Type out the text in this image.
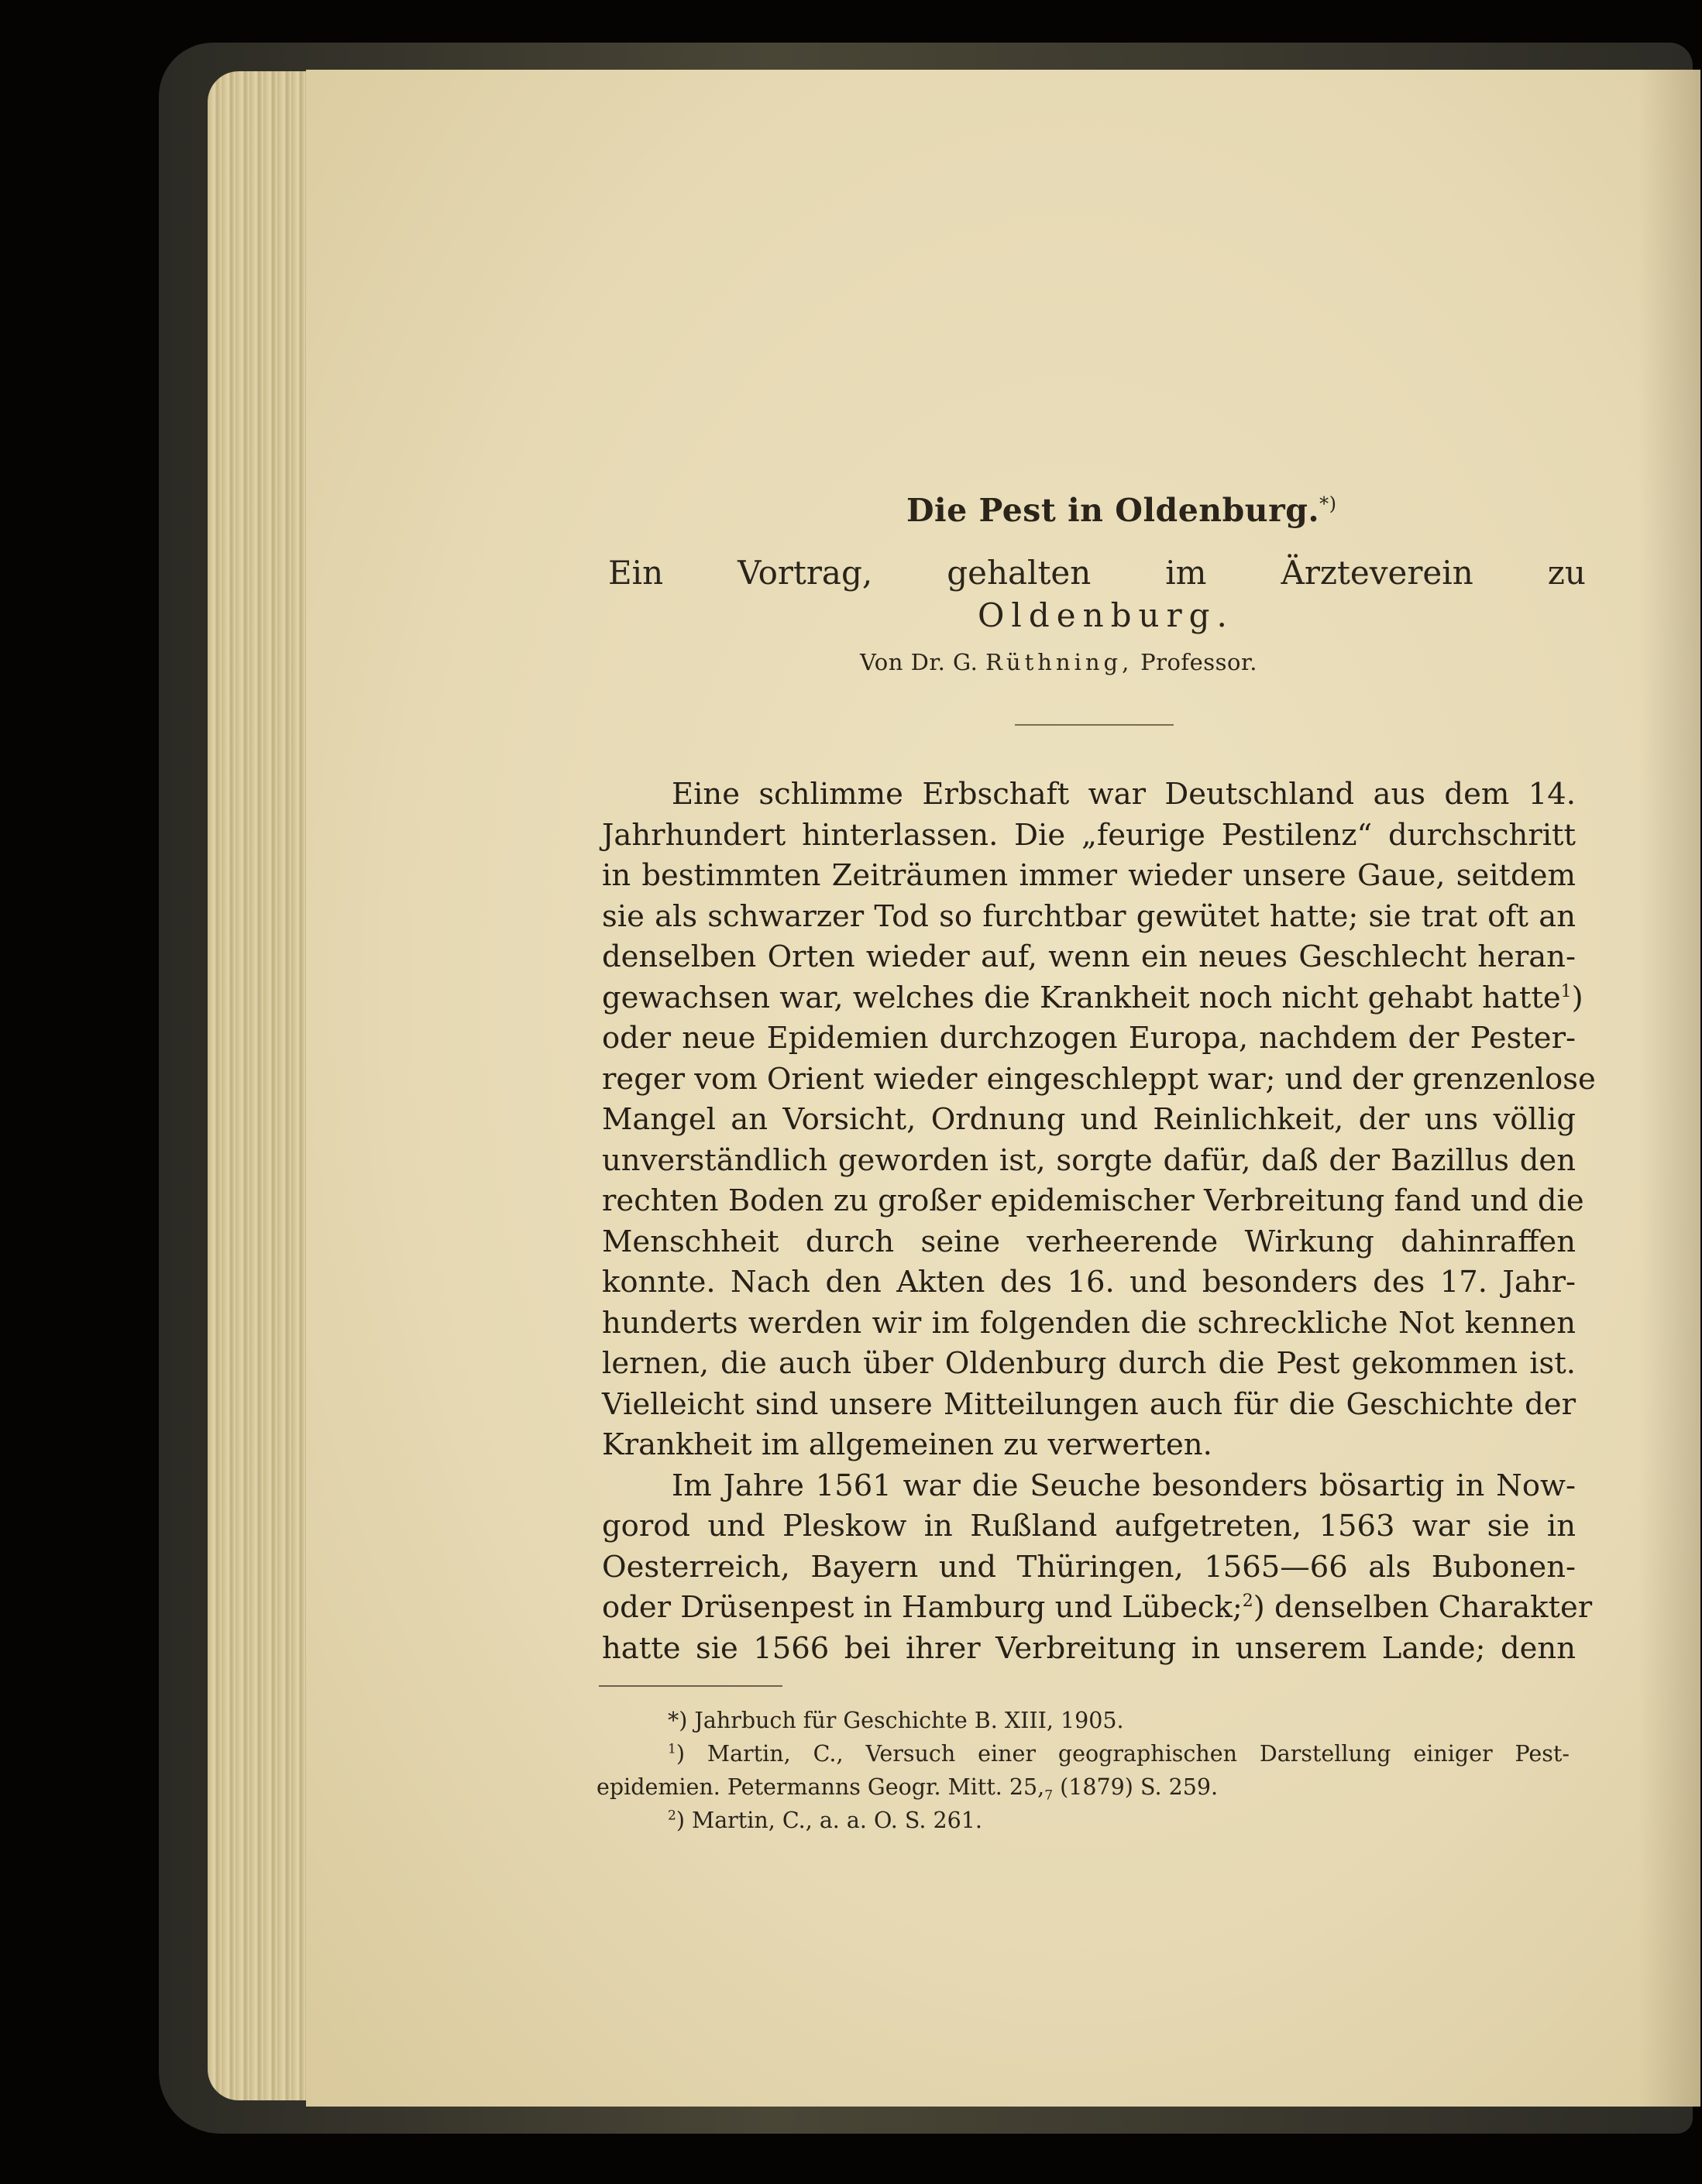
Die Pest in Oldenburg.*)
Ein Vortrag, gehalten im Ärzteverein zu
Oldenburg.
Von Dr. G. Rüthning, Professor.
Eine schlimme Erbschaft war Deutschland aus dem 14.
Jahrhundert hinterlassen. Die „feurige Pestilenz“ durchschritt
in bestimmten Zeiträumen immer wieder unsere Gaue, seitdem
sie als schwarzer Tod so furchtbar gewütet hatte; sie trat oft an
denselben Orten wieder auf, wenn ein neues Geschlecht heran-
gewachsen war, welches die Krankheit noch nicht gehabt hatte$^1$)
oder neue Epidemien durchzogen Europa, nachdem der Pester-
reger vom Orient wieder eingeschleppt war; und der grenzenlose
Mangel an Vorsicht, Ordnung und Reinlichkeit, der uns völlig
unverständlich geworden ist, sorgte dafür, daß der Bazillus den
rechten Boden zu großer epidemischer Verbreitung fand und die
Menschheit durch seine verheerende Wirkung dahinraffen
konnte. Nach den Akten des 16. und besonders des 17. Jahr-
hunderts werden wir im folgenden die schreckliche Not kennen
lernen, die auch über Oldenburg durch die Pest gekommen ist.
Vielleicht sind unsere Mitteilungen auch für die Geschichte der
Krankheit im allgemeinen zu verwerten.
Im Jahre 1561 war die Seuche besonders bösartig in Now-
gorod und Pleskow in Rußland aufgetreten, 1563 war sie in
Oesterreich, Bayern und Thüringen, 1565—66 als Bubonen-
oder Drüsenpest in Hamburg und Lübeck;$^2$) denselben Charakter
hatte sie 1566 bei ihrer Verbreitung in unserem Lande; denn
*) Jahrbuch für Geschichte B. XIII, 1905.
$^1$) Martin, C., Versuch einer geographischen Darstellung einiger Pest-
epidemien. Petermanns Geogr. Mitt. $25,_7$ (1879) S. 259.
$^2$) Martin, C., a. a. O. S. 261.
